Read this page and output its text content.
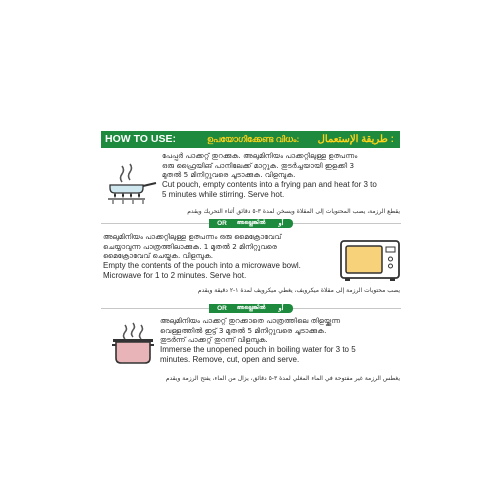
HOW TO USE:	ഉപയോഗിക്കേണ്ട വിധം: طريقة الإستعمال :
പേപ്പർ പാക്കറ്റ് തുറക്കുക. അലുമിനിയം പാക്കറ്റിലുള്ള ഉത്പന്നം
ഒരു ഫ്രൈയിങ് പാനിലേക്ക് മാറ്റുക. തുടർച്ചയായി ഇളക്കി 3
മുതൽ 5 മിനിറ്റുവരെ ചൂടാക്കുക. വിളമ്പുക.
Cut pouch, empty contents into a frying pan and heat for 3 to
5 minutes while stirring. Serve hot.
يقطع الرزمة، يصب المحتويات إلى المقلاة ويسخن لمدة ٣-٥ دقائق أثناء التحريك ويقدم
OR	അല്ലെങ്കിൽ	أو
അലുമിനിയം പാക്കറ്റിലുള്ള ഉത്പന്നം ഒരു മൈക്രോവേവ്
ചെയ്യാവുന്ന പാത്രത്തിലാക്കുക. 1 മുതൽ 2 മിനിറ്റുവരെ
മൈക്രോവേവ് ചെയ്യുക. വിളമ്പുക.
Empty the contents of the pouch into a microwave bowl.
Microwave for 1 to 2 minutes. Serve hot.
يصب محتويات الرزمة إلى مقلاة ميكرويف، يغطي ميكرويف لمدة ١-٢ دقيقة ويقدم
OR	അല്ലെങ്കിൽ	أو
അലുമിനിയം പാക്കറ്റ് തുറക്കാതെ പാത്രത്തിലെ തിളയ്ക്കുന്ന
വെള്ളത്തിൽ ഇട്ട് 3 മുതൽ 5 മിനിറ്റുവരെ ചൂടാക്കുക.
തുടർന്ന് പാക്കറ്റ് തുറന്ന് വിളമ്പുക.
Immerse the unopened pouch in boiling water for 3 to 5
minutes. Remove, cut, open and serve.
يغطس الرزمة غير مفتوحة في الماء المغلي لمدة ٣-٥ دقائق، يزال من الماء، يفتح الرزمة ويقدم
